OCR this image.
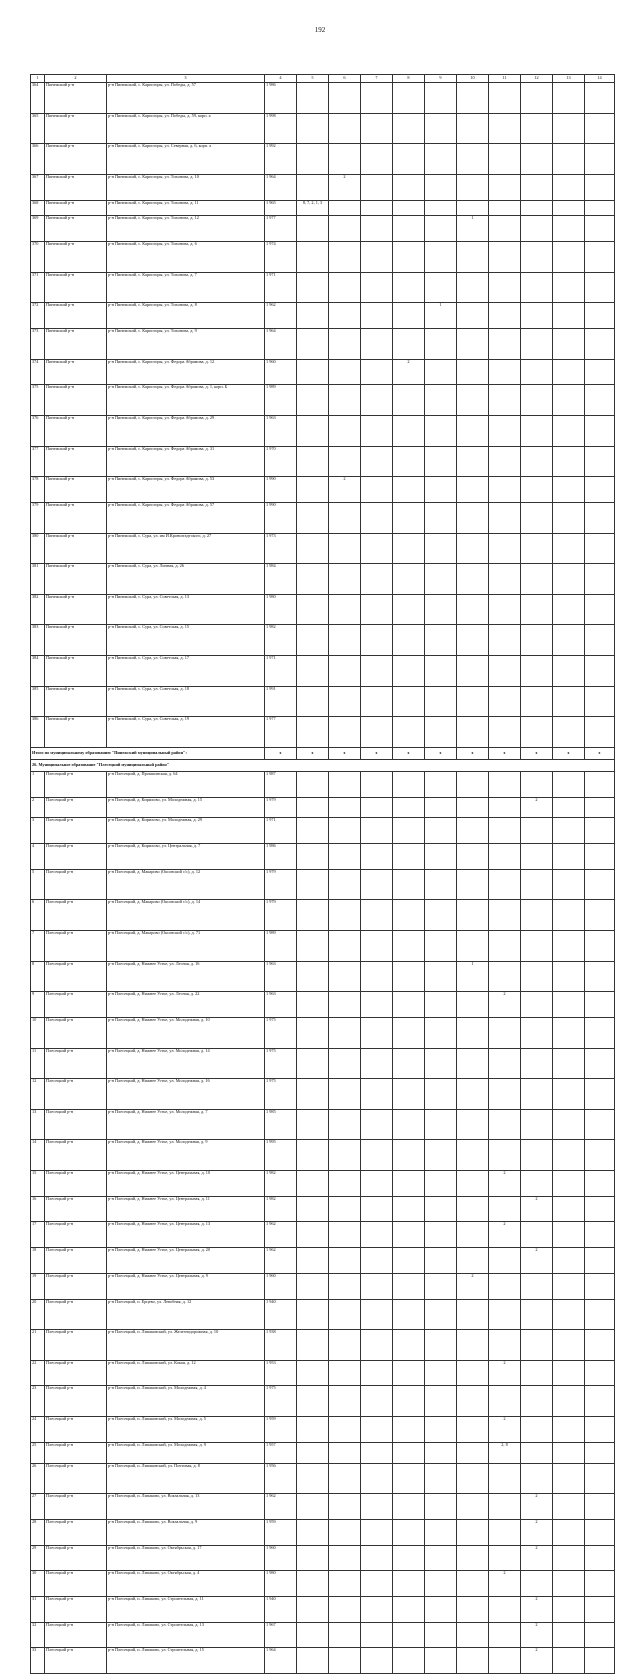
192
1	2	3	4	5	6	7	8	9	10	11	12	13	14	
364	Пинежский р-н	р-н Пинежский, с. Карпогоры, ул. Победы, д. 57	1 986											
365	Пинежский р-н	р-н Пинежский, с. Карпогоры, ул. Победы, д. 59, корп. а	1 998											
366	Пинежский р-н	р-н Пинежский, с. Карпогоры, ул. Северная, д. 6, корп. а	1 992											
367	Пинежский р-н	р-н Пинежский, с. Карпогоры, ул. Тихонова, д. 10	1 964		2									
368	Пинежский р-н	р-н Пинежский, с. Карпогоры, ул. Тихонова, д. 11	1 965	8, 7, 2, 1, 3										
369	Пинежский р-н	р-н Пинежский, с. Карпогоры, ул. Тихонова, д. 12	1 977						1					
370	Пинежский р-н	р-н Пинежский, с. Карпогоры, ул. Тихонова, д. 6	1 974											
371	Пинежский р-н	р-н Пинежский, с. Карпогоры, ул. Тихонова, д. 7	1 971											
372	Пинежский р-н	р-н Пинежский, с. Карпогоры, ул. Тихонова, д. 8	1 962					1						
373	Пинежский р-н	р-н Пинежский, с. Карпогоры, ул. Тихонова, д. 9	1 964											
374	Пинежский р-н	р-н Пинежский, с. Карпогоры, ул. Федора Абрамова, д. 12	1 960				2							
375	Пинежский р-н	р-н Пинежский, с. Карпогоры, ул. Федора Абрамова, д. 1, корп. Б	1 989											
376	Пинежский р-н	р-н Пинежский, с. Карпогоры, ул. Федора Абрамова, д. 29	1 963											
377	Пинежский р-н	р-н Пинежский, с. Карпогоры, ул. Федора Абрамова, д. 31	1 970											
378	Пинежский р-н	р-н Пинежский, с. Карпогоры, ул. Федора Абрамова, д. 53	1 990		2									
379	Пинежский р-н	р-н Пинежский, с. Карпогоры, ул. Федора Абрамова, д. 57	1 990											
380	Пинежский р-н	р-н Пинежский, с. Сура, ул. им И.Кронштадтского, д. 27	1 973											
381	Пинежский р-н	р-н Пинежский, с. Сура, ул. Личная, д. 26	1 984											
382	Пинежский р-н	р-н Пинежский, с. Сура, ул. Советская, д. 13	1 980											
383	Пинежский р-н	р-н Пинежский, с. Сура, ул. Советская, д. 15	1 982											
384	Пинежский р-н	р-н Пинежский, с. Сура, ул. Советская, д. 17	1 971											
385	Пинежский р-н	р-н Пинежский, с. Сура, ул. Советская, д. 18	1 991											
386	Пинежский р-н	р-н Пинежский, с. Сура, ул. Советская, д. 19	1 977											
Итого по муниципальному образованию "Пинежский муниципальный район":			х	х	х	х	х	х	х	х	х	х	х	
26. Муниципальное образование "Плесецкий муниципальный район"														
1	Плесецкий р-н	р-н Плесецкий, д. Прокшинская, д. 64	1 987											
2	Плесецкий р-н	р-н Плесецкий, д. Кирилово, ул. Молодежная, д. 15	1 979								2			
3	Плесецкий р-н	р-н Плесецкий, д. Кирилово, ул. Молодежная, д. 29	1 971											
4	Плесецкий р-н	р-н Плесецкий, д. Кирилово, ул. Центральная, д. 7	1 986											
5	Плесецкий р-н	р-н Плесецкий, д. Макарово (Оксовский с/с), д. 12	1 979											
6	Плесецкий р-н	р-н Плесецкий, д. Макарово (Оксовский с/с), д. 14	1 979											
7	Плесецкий р-н	р-н Плесецкий, д. Макарово (Оксовский с/с), д. 71	1 989											
8	Плесецкий р-н	р-н Плесецкий, д. Нижнее Устье, ул. Лесная, д. 16	1 963						1					
9	Плесецкий р-н	р-н Плесецкий, д. Нижнее Устье, ул. Лесная, д. 22	1 963							2				
10	Плесецкий р-н	р-н Плесецкий, д. Нижнее Устье, ул. Молодежная, д. 10	1 975											
11	Плесецкий р-н	р-н Плесецкий, д. Нижнее Устье, ул. Молодежная, д. 14	1 975											
12	Плесецкий р-н	р-н Плесецкий, д. Нижнее Устье, ул. Молодежная, д. 16	1 975											
13	Плесецкий р-н	р-н Плесецкий, д. Нижнее Устье, ул. Молодежная, д. 7	1 985											
14	Плесецкий р-н	р-н Плесецкий, д. Нижнее Устье, ул. Молодежная, д. 9	1 995											
15	Плесецкий р-н	р-н Плесецкий, д. Нижнее Устье, ул. Центральная, д. 10	1 982							2				
16	Плесецкий р-н	р-н Плесецкий, д. Нижнее Устье, ул. Центральная, д. 11	1 982								2			
17	Плесецкий р-н	р-н Плесецкий, д. Нижнее Устье, ул. Центральная, д. 13	1 962							2				
18	Плесецкий р-н	р-н Плесецкий, д. Нижнее Устье, ул. Центральная, д. 20	1 962								2			
19	Плесецкий р-н	р-н Плесецкий, д. Нижнее Устье, ул. Центральная, д. 9	1 960						2					
20	Плесецкий р-н	р-н Плесецкий, п. Ерцево, ул. Левобная, д. 12	1 940											
21	Плесецкий р-н	р-н Плесецкий, п. Липаковский, ул. Железнодорожная, д. 10	1 938											
22	Плесецкий р-н	р-н Плесецкий, п. Липаковский, ул. Кокая, д. 12	1 953							2				
23	Плесецкий р-н	р-н Плесецкий, п. Липаковский, ул. Молодежная, д. 4	1 975											
24	Плесецкий р-н	р-н Плесецкий, п. Липаковский, ул. Молодежная, д. 5	1 959							2				
25	Плесецкий р-н	р-н Плесецкий, п. Липаковский, ул. Молодежная, д. 9	1 957							2, 8				
26	Плесецкий р-н	р-н Плесецкий, п. Липаковский, ул. Почтовая, д. 8	1 956											
27	Плесецкий р-н	р-н Плесецкий, п. Липаково, ул. Вокзальная, д. 13	1 962								2			
28	Плесецкий р-н	р-н Плесецкий, п. Липаково, ул. Вокзальная, д. 9	1 959								2			
29	Плесецкий р-н	р-н Плесецкий, п. Липаково, ул. Октябрьская, д. 17	1 960								2			
30	Плесецкий р-н	р-н Плесецкий, п. Липаково, ул. Октябрьская, д. 4	1 980							2				
31	Плесецкий р-н	р-н Плесецкий, п. Липаково, ул. Строительная, д. 11	1 940								2			
32	Плесецкий р-н	р-н Плесецкий, п. Липаково, ул. Строительная, д. 13	1 967								2			
33	Плесецкий р-н	р-н Плесецкий, п. Липаково, ул. Строительная, д. 15	1 964								2			
